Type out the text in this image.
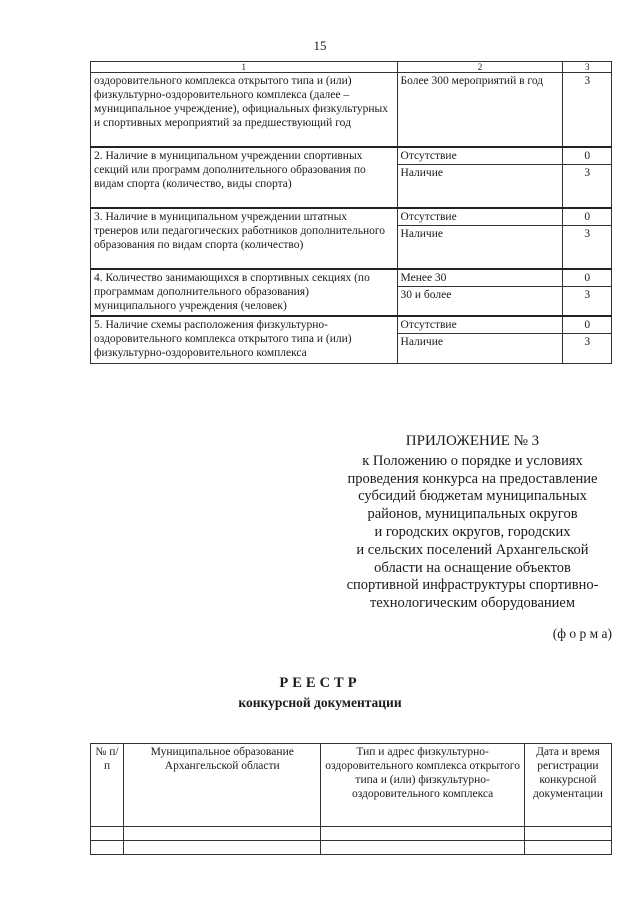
15
1	2	3
оздоровительного комплекса открытого типа и (или) физкультурно-оздоровительного комплекса (далее – муниципальное учреждение), официальных физкультурных и спортивных мероприятий за предшествующий год	Более 300 мероприятий в год	3
2. Наличие в муниципальном учреждении спортивных секций или программ дополнительного образования по видам спорта (количество, виды спорта)	Отсутствие	0
	Наличие	3
3. Наличие в муниципальном учреждении штатных тренеров или педагогических работников дополнительного образования по видам спорта (количество)	Отсутствие	0
	Наличие	3
4. Количество занимающихся в спортивных секциях (по программам дополнительного образования) муниципального учреждения (человек)	Менее 30	0
	30 и более	3
5. Наличие схемы расположения физкультурно-оздоровительного комплекса открытого типа и (или) физкультурно-оздоровительного комплекса	Отсутствие	0
	Наличие	3
ПРИЛОЖЕНИЕ № 3
к Положению о порядке и условиях
проведения конкурса на предоставление
субсидий бюджетам муниципальных
районов, муниципальных округов
и городских округов, городских
и сельских поселений Архангельской
области на оснащение объектов
спортивной инфраструктуры спортивно-
технологическим оборудованием
(ф о р м а)
РЕЕСТР
конкурсной документации
№ п/п	Муниципальное образование Архангельской области	Тип и адрес физкультурно-оздоровительного комплекса открытого типа и (или) физкультурно-оздоровительного комплекса	Дата и время регистрации конкурсной документации
